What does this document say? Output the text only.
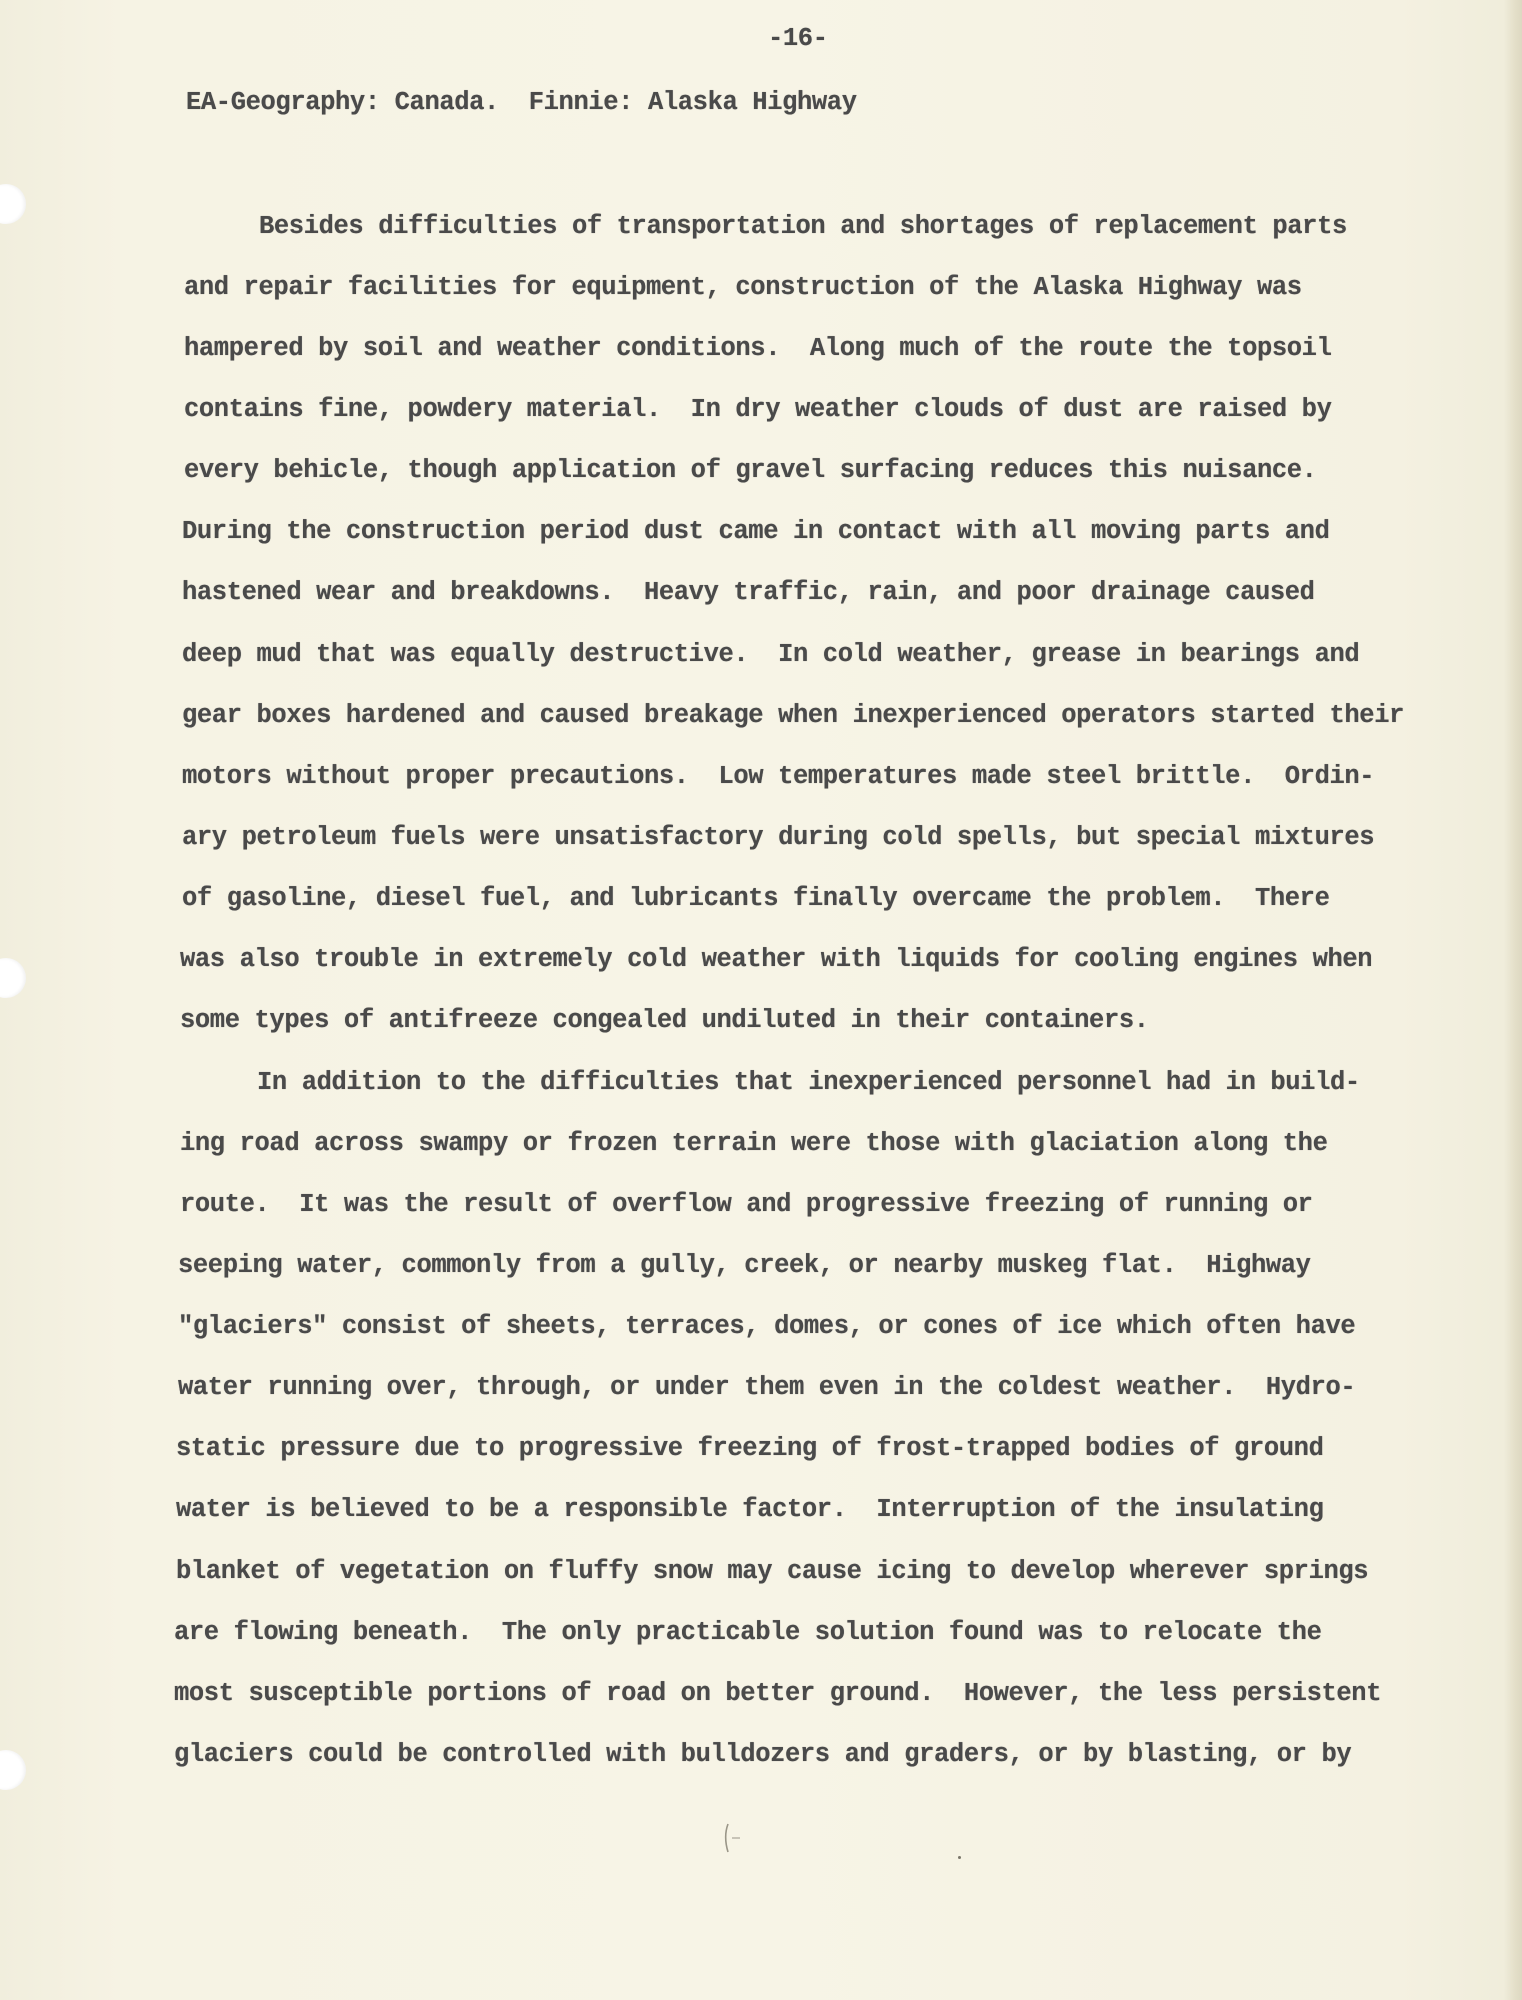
-16-
EA-Geography: Canada.  Finnie: Alaska Highway
Besides difficulties of transportation and shortages of replacement parts
and repair facilities for equipment, construction of the Alaska Highway was
hampered by soil and weather conditions.  Along much of the route the topsoil
contains fine, powdery material.  In dry weather clouds of dust are raised by
every behicle, though application of gravel surfacing reduces this nuisance.
During the construction period dust came in contact with all moving parts and
hastened wear and breakdowns.  Heavy traffic, rain, and poor drainage caused
deep mud that was equally destructive.  In cold weather, grease in bearings and
gear boxes hardened and caused breakage when inexperienced operators started their
motors without proper precautions.  Low temperatures made steel brittle.  Ordin-
ary petroleum fuels were unsatisfactory during cold spells, but special mixtures
of gasoline, diesel fuel, and lubricants finally overcame the problem.  There
was also trouble in extremely cold weather with liquids for cooling engines when
some types of antifreeze congealed undiluted in their containers.
In addition to the difficulties that inexperienced personnel had in build-
ing road across swampy or frozen terrain were those with glaciation along the
route.  It was the result of overflow and progressive freezing of running or
seeping water, commonly from a gully, creek, or nearby muskeg flat.  Highway
"glaciers" consist of sheets, terraces, domes, or cones of ice which often have
water running over, through, or under them even in the coldest weather.  Hydro-
static pressure due to progressive freezing of frost-trapped bodies of ground
water is believed to be a responsible factor.  Interruption of the insulating
blanket of vegetation on fluffy snow may cause icing to develop wherever springs
are flowing beneath.  The only practicable solution found was to relocate the
most susceptible portions of road on better ground.  However, the less persistent
glaciers could be controlled with bulldozers and graders, or by blasting, or by
